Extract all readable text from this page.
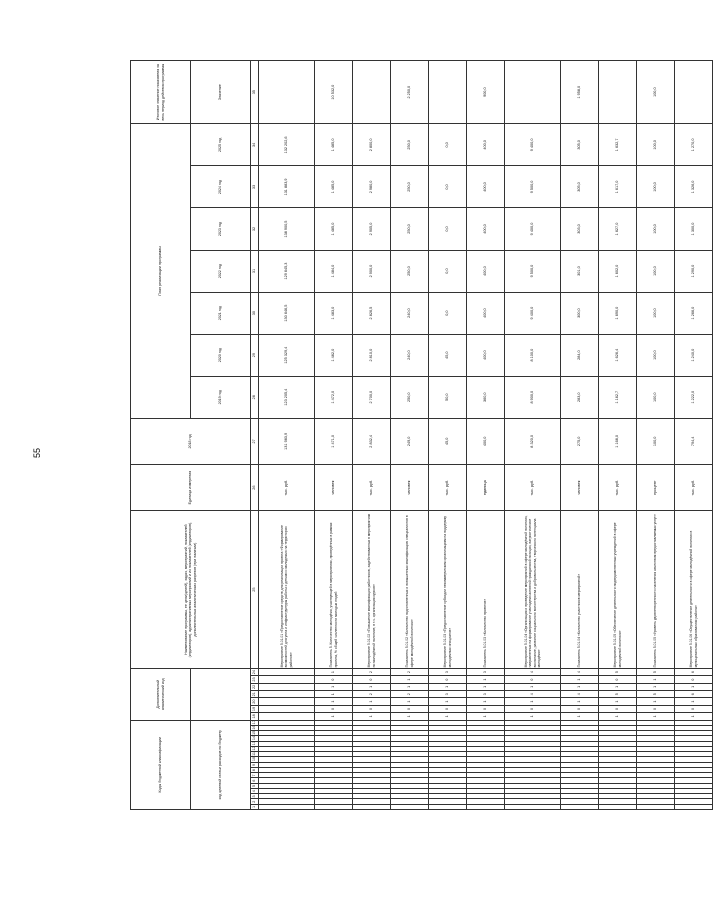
55
Коды бюджетной классификации																	Дополнительный аналитический код							Наименование программы, ее цели(целей), задач, мероприятий, показателей (индикаторов), административных мероприятий и их показателей (индикаторов), дополнительных аналитических разрезов (при наличии)	Единица измерения	2018 год	План реализации программы							Итоговое значение показателя за весь период действия программы
код целевой статьи расходов по бюджету																											2019 год	2020 год	2021 год	2022 год	2023 год	2024 год	2025 год	Значение
1	2	3	4	5	6	7	8	9	10	11	12	13	14	15	16	17	18	19	20	21	22	23	24	25	26	27	28	29	30	31	32	33	34	35
																								Мероприятие 5.01.01 «Предоставление средств для реализации проекта «Формирование возможностей для уюта и инфраструктуры работы с детьми и молодежью на территории районов»	тыс. руб.	131 983,9	123 205,4	125 329,4	130 646,5	129 645,3	138 900,5	131 883,9	132 202,6	
																	1	0	1	1	1	0	1	Показатель 5. Количество молодёжи, участвующей в мероприятиях, проведённых в рамках проекта, % общей численности молодых людей	человек	1 471,0	1 472,0	1 482,0	1 483,0	1 484,0	1 485,0	1 485,0	1 485,0	10 532,0
																	1	0	1	2	1	0	2	Мероприятие 5.01.02 «Повышение квалификации работников, задействованных в мероприятиях по молодёжной политике, в т.ч. организация курсов»	тыс. руб.	2 832,4	2 700,0	2 810,0	2 826,5	2 900,0	2 905,0	2 980,0	2 800,0	
																	1	0	1	2	1	1	2	Показатель 5.01.02 «Количество подготовленных и повышенных квалификацию специалистов в сфере молодёжной политики»	человек	249,0	250,0	240,0	240,0	250,0	250,0	250,0	250,0	2 250,0
																	1	0	1	3	1	0	3	Мероприятие 5.01.03 «Предоставление субсидии некоммерческим организациям на поддержку молодежных инициатив»	тыс. руб.	45,0	50,0	45,0	0,0	0,0	0,0	0,0	0,0	
																	1	0	1	3	1	1	3	Показатель 5.01.03 «Количество проектов»	единица	400,0	360,0	400,0	400,0	400,0	400,0	400,0	400,0	900,0
																	1	0	1	4	1	0	4	Мероприятие 5.01.04 «Организация и проведение мероприятий в сфере молодёжной политики, направленных на формирование у молодежи активной гражданской позиции, патриотическое воспитание, развитие социального волонтерства и добровольчества, творческого потенциала молодёжи»	тыс. руб.	8 320,0	8 900,0	8 100,0	9 400,0	9 500,0	9 400,0	9 500,0	9 400,0	
																	1	0	1	4	1	1	4	Показатель 5.01.04 «Количество участников мероприятий»	человек	275,0	283,0	284,0	300,0	301,0	303,0	305,0	305,0	1 958,0
																	1	0	1	5	1	0	5	Мероприятие 5.01.05 «Обеспечение деятельности подведомственных учреждений в сфере молодежной политики»	тыс. руб.	1 168,0	1 162,7	1 626,4	1 690,0	1 602,0	1 627,0	1 617,0	1 632,7	
																	1	0	1	5	1	1	5	Показатель 5.01.05 «Уровень удовлетворенности населения качеством предоставляемых услуг»	процент	100,0	100,0	100,0	100,0	100,0	100,0	100,0	100,0	100,0
																	1	0	1	6	1	0	6	Мероприятие 5.01.06 «Осуществление деятельности в сфере молодёжной политики в муниципальных образованиях района»	тыс. руб.	794,4	1 222,0	1 240,0	1 266,0	1 290,0	1 300,0	1 326,0	1 270,0	
